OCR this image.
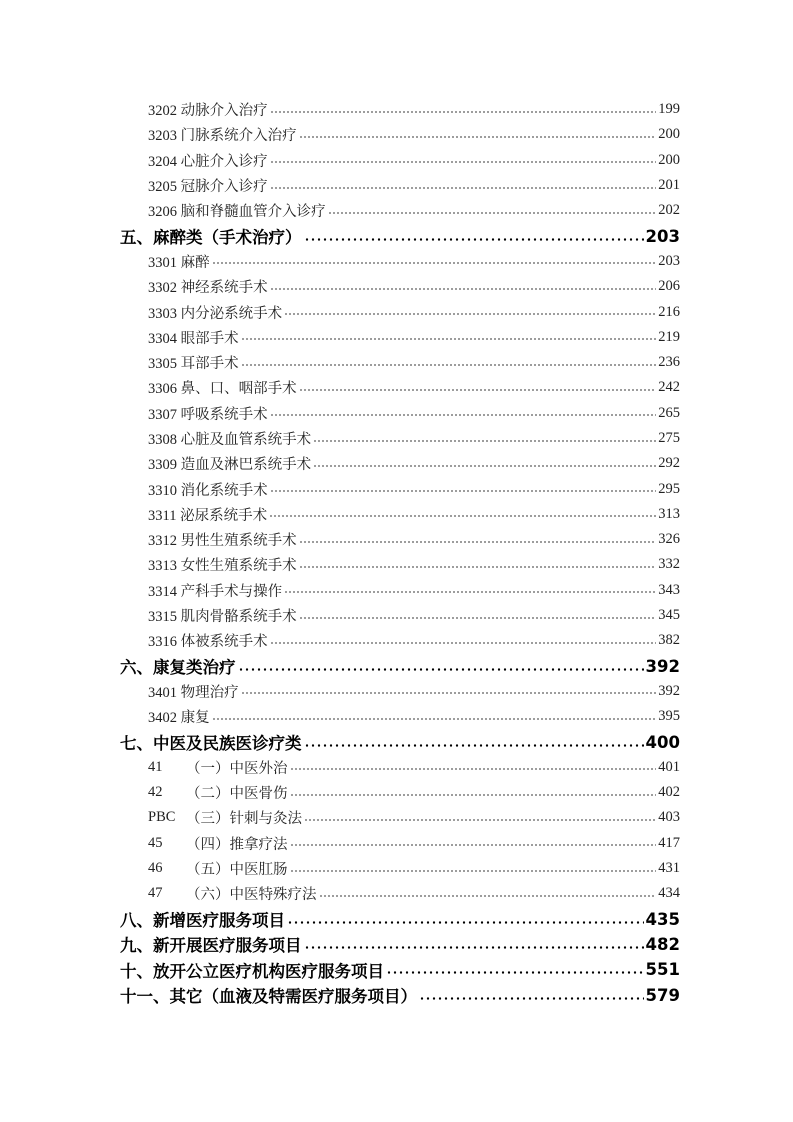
3202 动脉介入治疗	199
3203 门脉系统介入治疗	200
3204 心脏介入诊疗	200
3205 冠脉介入诊疗	201
3206 脑和脊髓血管介入诊疗	202
五、麻醉类（手术治疗）	203
3301 麻醉	203
3302 神经系统手术	206
3303 内分泌系统手术	216
3304 眼部手术	219
3305 耳部手术	236
3306 鼻、口、咽部手术	242
3307 呼吸系统手术	265
3308 心脏及血管系统手术	275
3309 造血及淋巴系统手术	292
3310 消化系统手术	295
3311 泌尿系统手术	313
3312 男性生殖系统手术	326
3313 女性生殖系统手术	332
3314 产科手术与操作	343
3315 肌肉骨骼系统手术	345
3316 体被系统手术	382
六、康复类治疗	392
3401 物理治疗	392
3402 康复	395
七、中医及民族医诊疗类	400
41	（一）中医外治	401
42	（二）中医骨伤	402
PBC （三）针刺与灸法	403
45	（四）推拿疗法	417
46	（五）中医肛肠	431
47	（六）中医特殊疗法	434
八、新增医疗服务项目	435
九、新开展医疗服务项目	482
十、放开公立医疗机构医疗服务项目	551
十一、其它（血液及特需医疗服务项目）	579
